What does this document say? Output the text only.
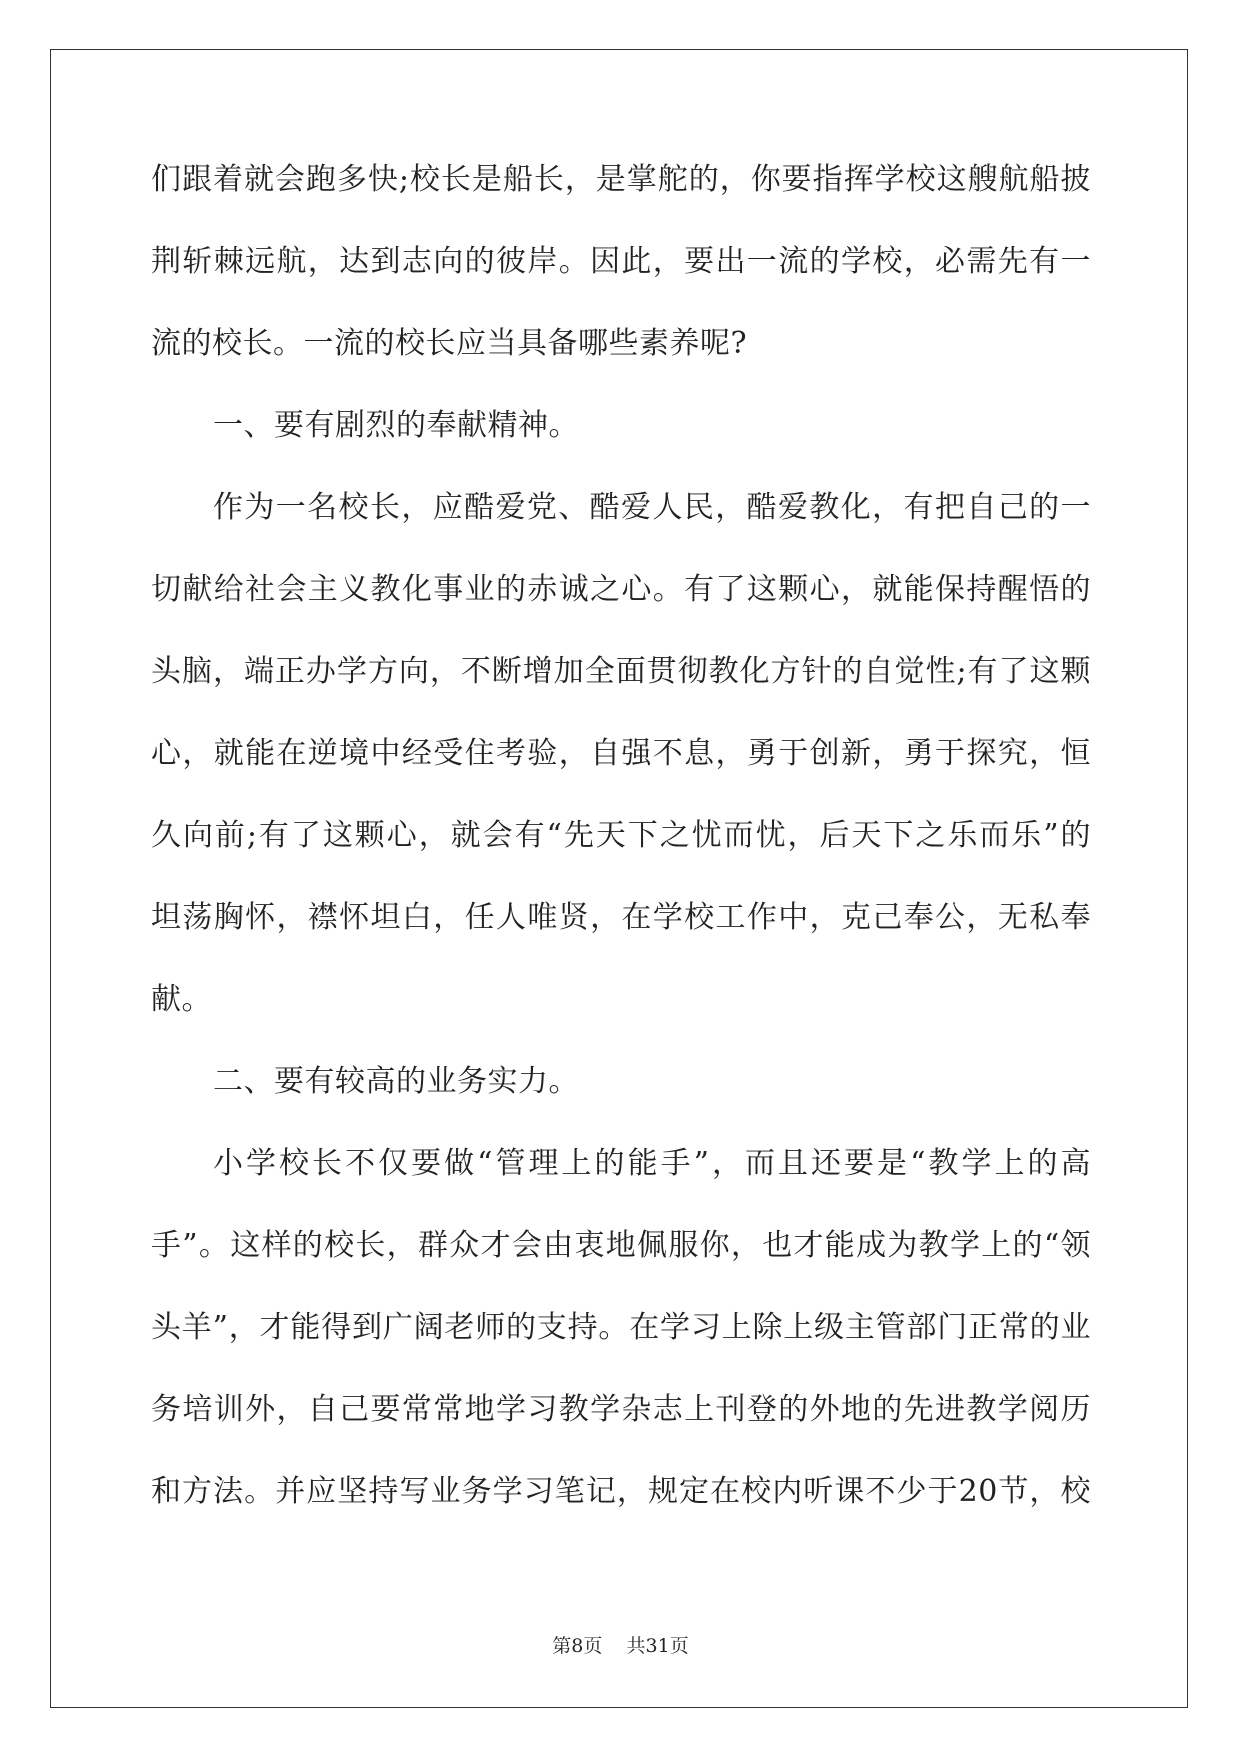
们跟着就会跑多快;校长是船长，是掌舵的，你要指挥学校这艘航船披
荆斩棘远航，达到志向的彼岸。因此，要出一流的学校，必需先有一
流的校长。一流的校长应当具备哪些素养呢?
一、要有剧烈的奉献精神。
作为一名校长，应酷爱党、酷爱人民，酷爱教化，有把自己的一
切献给社会主义教化事业的赤诚之心。有了这颗心，就能保持醒悟的
头脑，端正办学方向，不断增加全面贯彻教化方针的自觉性;有了这颗
心，就能在逆境中经受住考验，自强不息，勇于创新，勇于探究，恒
久向前;有了这颗心，就会有“先天下之忧而忧，后天下之乐而乐”的
坦荡胸怀，襟怀坦白，任人唯贤，在学校工作中，克己奉公，无私奉
献。
二、要有较高的业务实力。
小学校长不仅要做“管理上的能手”，而且还要是“教学上的高
手”。这样的校长，群众才会由衷地佩服你，也才能成为教学上的“领
头羊”，才能得到广阔老师的支持。在学习上除上级主管部门正常的业
务培训外，自己要常常地学习教学杂志上刊登的外地的先进教学阅历
和方法。并应坚持写业务学习笔记，规定在校内听课不少于20节，校
第8页 共31页
